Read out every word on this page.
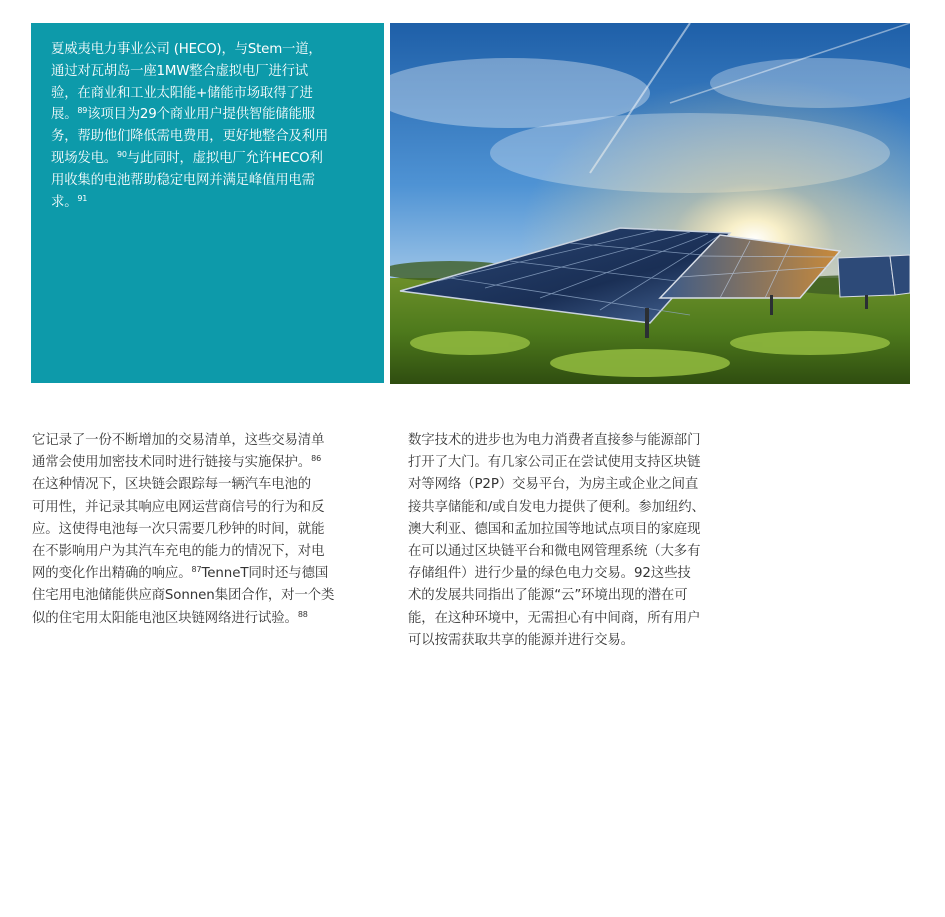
夏威夷电力事业公司 (HECO)，与Stem一道，
通过对瓦胡岛一座1MW整合虚拟电厂进行试
验，在商业和工业太阳能+储能市场取得了进
展。$^{89}$该项目为29个商业用户提供智能储能服
务，帮助他们降低需电费用，更好地整合及利用
现场发电。$^{90}$与此同时，虚拟电厂允许HECO利
用收集的电池帮助稳定电网并满足峰值用电需
求。$^{91}$
它记录了一份不断增加的交易清单，这些交易清单
通常会使用加密技术同时进行链接与实施保护。$^{86}$
在这种情况下，区块链会跟踪每一辆汽车电池的
可用性，并记录其响应电网运营商信号的行为和反
应。这使得电池每一次只需要几秒钟的时间，就能
在不影响用户为其汽车充电的能力的情况下，对电
网的变化作出精确的响应。$^{87}$TenneT同时还与德国
住宅用电池储能供应商Sonnen集团合作，对一个类
似的住宅用太阳能电池区块链网络进行试验。$^{88}$
数字技术的进步也为电力消费者直接参与能源部门
打开了大门。有几家公司正在尝试使用支持区块链
对等网络（P2P）交易平台，为房主或企业之间直
接共享储能和/或自发电力提供了便利。参加纽约、
澳大利亚、德国和孟加拉国等地试点项目的家庭现
在可以通过区块链平台和微电网管理系统（大多有
存储组件）进行少量的绿色电力交易。92这些技
术的发展共同指出了能源“云”环境出现的潜在可
能，在这种环境中，无需担心有中间商，所有用户
可以按需获取共享的能源并进行交易。
